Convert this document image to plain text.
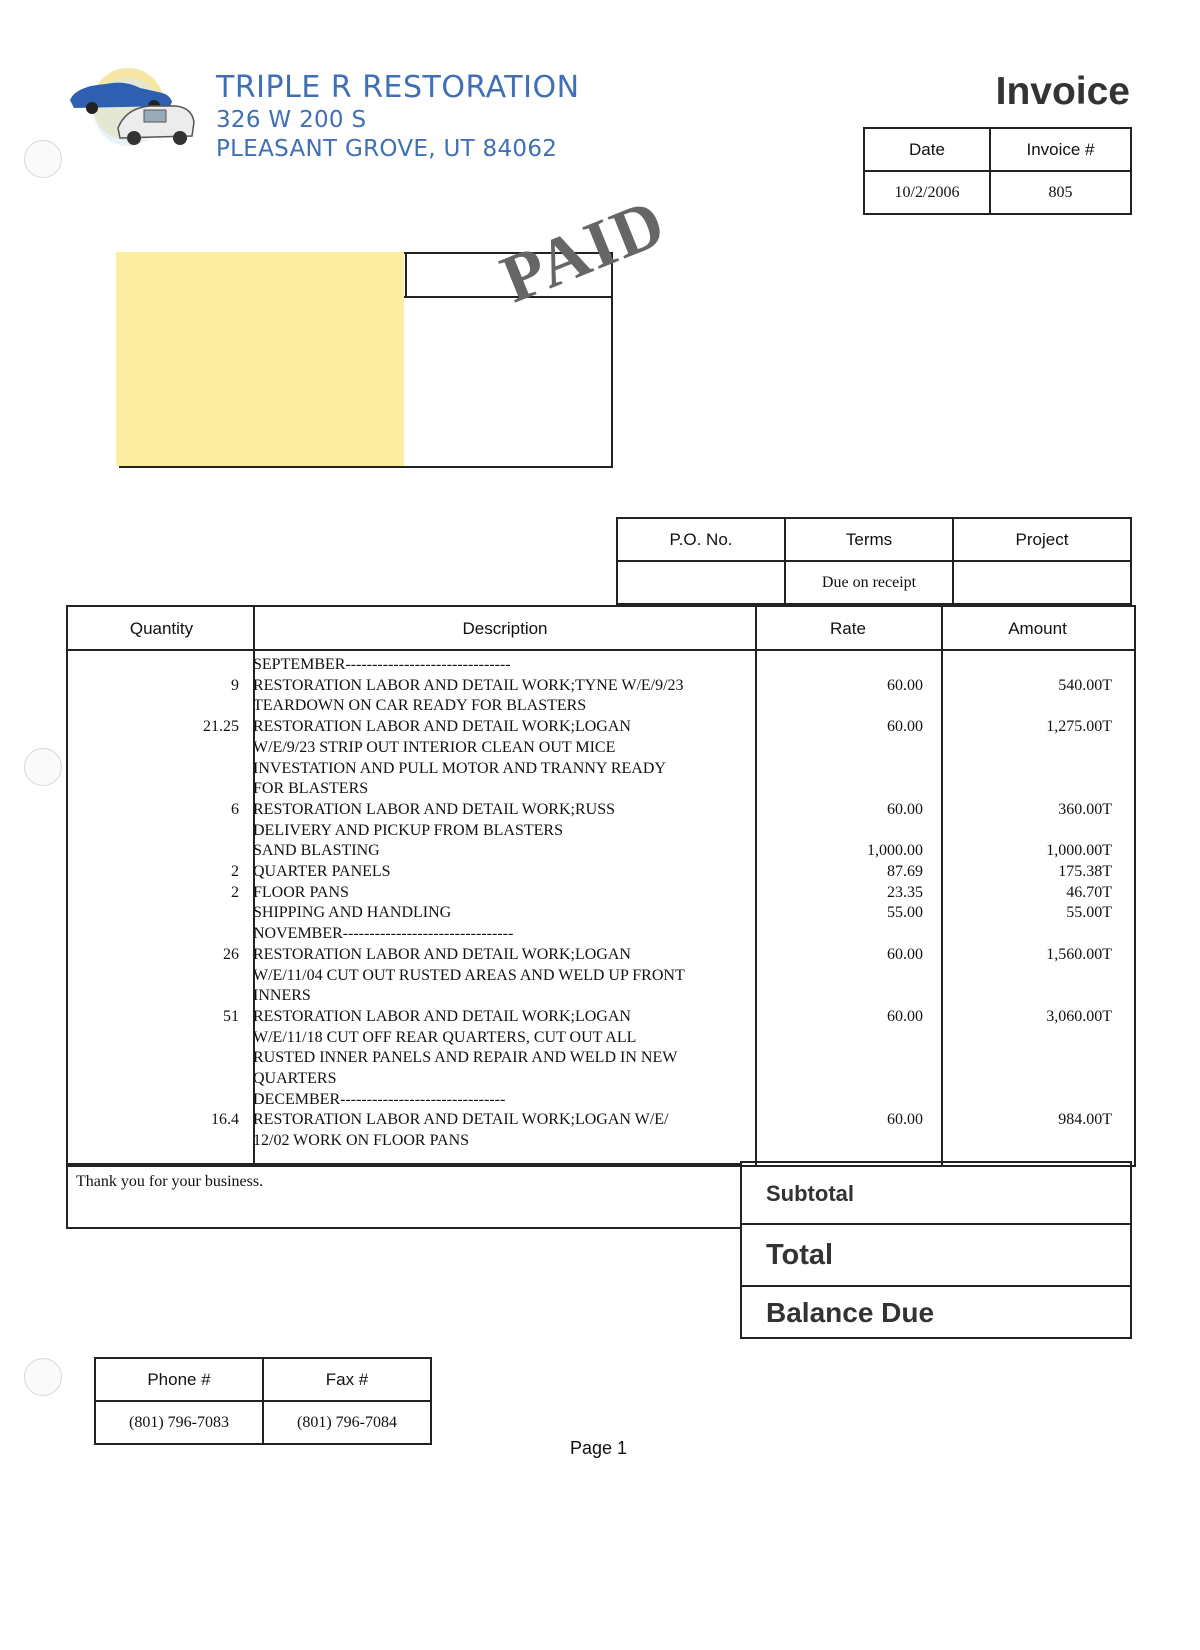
TRIPLE R RESTORATION
326 W 200 S
PLEASANT GROVE, UT 84062
Invoice
Date	Invoice #
10/2/2006	805
PAID
P.O. No.	Terms	Project
	Due on receipt	
Quantity	Description	Rate	Amount
SEPTEMBER-------------------------------
9 RESTORATION LABOR AND DETAIL WORK;TYNE W/E/9/23
TEARDOWN ON CAR READY FOR BLASTERS
60.00	540.00T
21.25 RESTORATION LABOR AND DETAIL WORK;LOGAN
W/E/9/23 STRIP OUT INTERIOR CLEAN OUT MICE
INVESTATION AND PULL MOTOR AND TRANNY READY
FOR BLASTERS
60.00	1,275.00T
6 RESTORATION LABOR AND DETAIL WORK;RUSS
DELIVERY AND PICKUP FROM BLASTERS
60.00	360.00T
SAND BLASTING	1,000.00	1,000.00T
2 QUARTER PANELS	87.69	175.38T
2 FLOOR PANS	23.35	46.70T
SHIPPING AND HANDLING	55.00	55.00T
NOVEMBER--------------------------------
26 RESTORATION LABOR AND DETAIL WORK;LOGAN
W/E/11/04 CUT OUT RUSTED AREAS AND WELD UP FRONT
INNERS
60.00	1,560.00T
51 RESTORATION LABOR AND DETAIL WORK;LOGAN
W/E/11/18 CUT OFF REAR QUARTERS, CUT OUT ALL
RUSTED INNER PANELS AND REPAIR AND WELD IN NEW
QUARTERS
60.00	3,060.00T
DECEMBER-------------------------------
16.4 RESTORATION LABOR AND DETAIL WORK;LOGAN W/E/
12/02 WORK ON FLOOR PANS
60.00	984.00T
Thank you for your business.	Subtotal
Total
Balance Due
Phone #	Fax #
(801) 796-7083	(801) 796-7084
Page 1
